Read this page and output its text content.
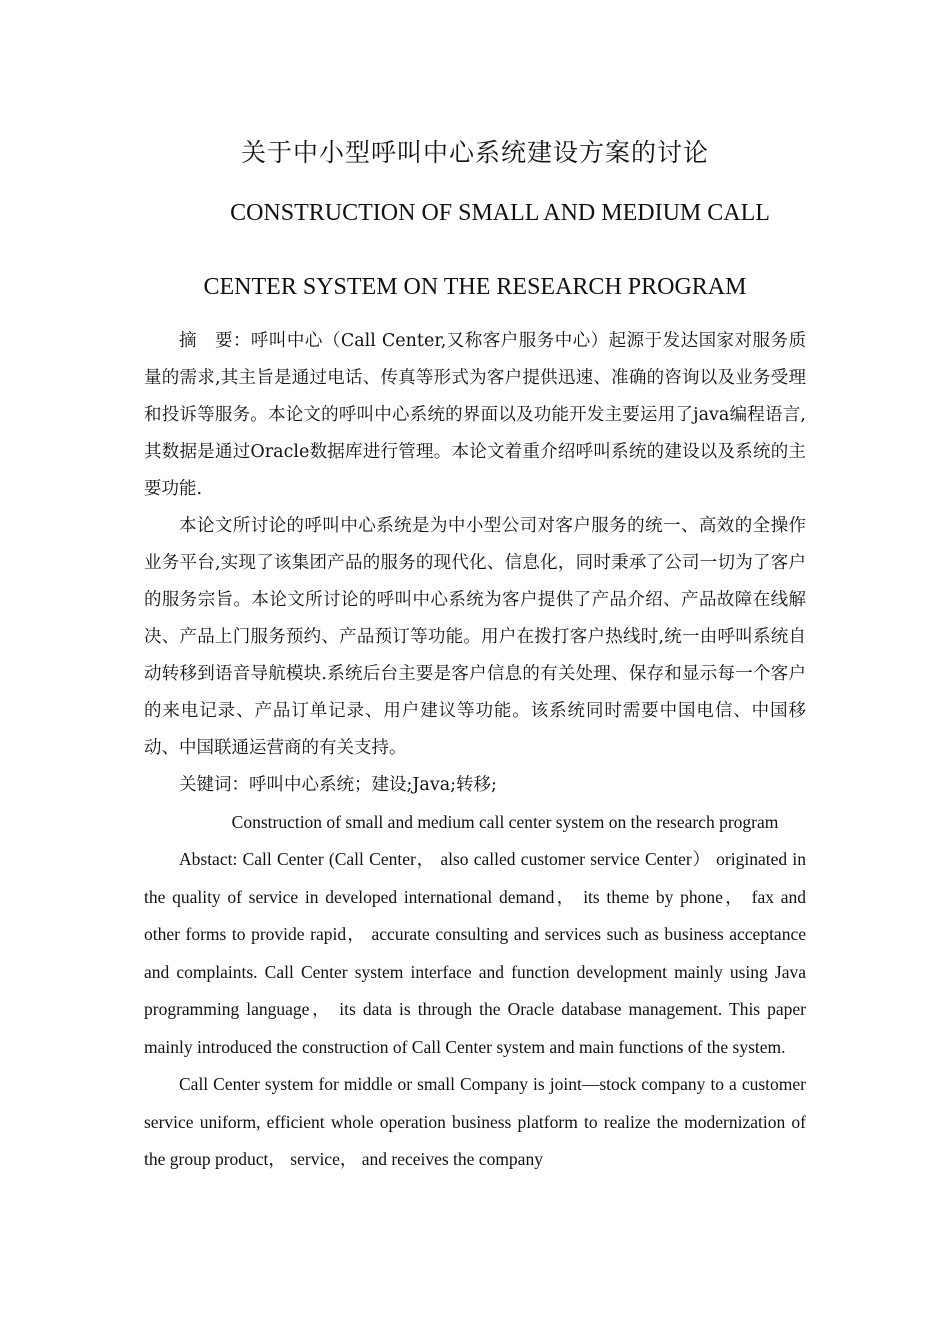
关于中小型呼叫中心系统建设方案的讨论
CONSTRUCTION OF SMALL AND MEDIUM CALL
CENTER SYSTEM ON THE RESEARCH PROGRAM

摘　要：呼叫中心（Call Center,又称客户服务中心）起源于发达国家对服务质量的需求,其主旨是通过电话、传真等形式为客户提供迅速、准确的咨询以及业务受理和投诉等服务。本论文的呼叫中心系统的界面以及功能开发主要运用了java编程语言,其数据是通过Oracle数据库进行管理。本论文着重介绍呼叫系统的建设以及系统的主要功能.

本论文所讨论的呼叫中心系统是为中小型公司对客户服务的统一、高效的全操作业务平台,实现了该集团产品的服务的现代化、信息化，同时秉承了公司一切为了客户的服务宗旨。本论文所讨论的呼叫中心系统为客户提供了产品介绍、产品故障在线解决、产品上门服务预约、产品预订等功能。用户在拨打客户热线时,统一由呼叫系统自动转移到语音导航模块.系统后台主要是客户信息的有关处理、保存和显示每一个客户的来电记录、产品订单记录、用户建议等功能。该系统同时需要中国电信、中国移动、中国联通运营商的有关支持。

关键词：呼叫中心系统；建设;Java;转移;

Construction of small and medium call center system on the research program

Abstact: Call Center (Call Center， also called customer service Center） originated in the quality of service in developed international demand， its theme by phone， fax and other forms to provide rapid， accurate consulting and services such as business acceptance and complaints. Call Center system interface and function development mainly using Java programming language， its data is through the Oracle database management. This paper mainly introduced the construction of Call Center system and main functions of the system.

Call Center system for middle or small Company is joint—stock company to a customer service uniform, efficient whole operation business platform to realize the modernization of the group product， service， and receives the company
